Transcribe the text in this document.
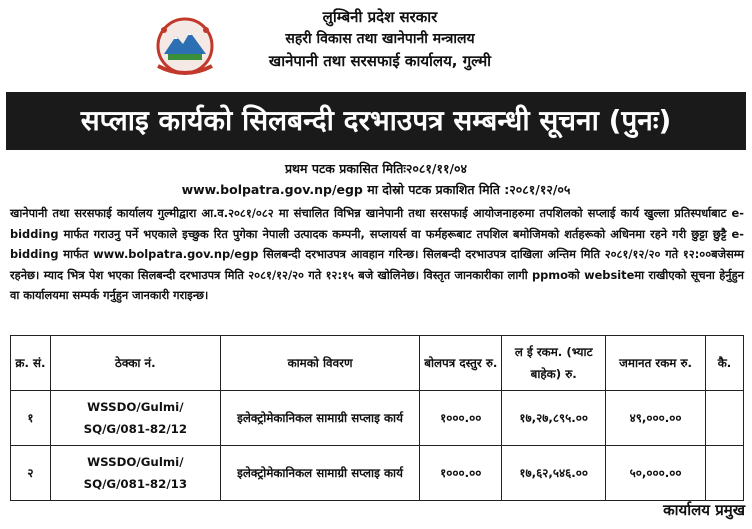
लुम्बिनी प्रदेश सरकार
सहरी विकास तथा खानेपानी मन्त्रालय
खानेपानी तथा सरसफाई कार्यालय, गुल्मी
सप्लाइ कार्यको सिलबन्दी दरभाउपत्र सम्बन्धी सूचना (पुनः)
प्रथम पटक प्रकासित मितिः२०८१/११/०४
www.bolpatra.gov.np/egp मा दोस्रो पटक प्रकाशित मिति :२०८१/१२/०५
खानेपानी तथा सरसफाई कार्यालय गुल्मीद्वारा आ.व.२०८१/०८२ मा संचालित विभिन्न खानेपानी तथा सरसफाई आयोजनाहरुमा तपशिलको सप्लाई कार्य खुल्ला प्रतिस्पर्धाबाट e-bidding मार्फत गराउनु पर्ने भएकाले इच्छुक रित पुगेका नेपाली उत्पादक कम्पनी, सप्लायर्स वा फर्महरूबाट तपशिल बमोजिमको शर्तहरूको अधिनमा रहने गरी छुट्टा छुट्टै e-bidding मार्फत www.bolpatra.gov.np/egp सिलबन्दी दरभाउपत्र आवहान गरिन्छ। सिलबन्दी दरभाउपत्र दाखिला अन्तिम मिति २०८१/१२/२० गते १२:००बजेसम्म रहनेछ। म्याद भित्र पेश भएका सिलबन्दी दरभाउपत्र मिति २०८१/१२/२० गते १२:१५ बजे खोलिनेछ। विस्तृत जानकारीका लागी ppmoको websiteमा राखीएको सूचना हेर्नुहुन वा कार्यालयमा सम्पर्क गर्नुहुन जानकारी गराइन्छ।
क्र. सं.	ठेक्का नं.	कामको विवरण	बोलपत्र दस्तुर रु.	ल ई रकम. (भ्याट बाहेक) रु.	जमानत रकम रु.	कै.
१	WSSDO/Gulmi/ SQ/G/081-82/12	इलेक्ट्रोमेकानिकल सामाग्री सप्लाइ कार्य	१०००.००	१७,२७,८९५.००	४९,०००.००	
२	WSSDO/Gulmi/ SQ/G/081-82/13	इलेक्ट्रोमेकानिकल सामाग्री सप्लाइ कार्य	१०००.००	१७,६२,५४६.००	५०,०००.००	
कार्यालय प्रमुख
